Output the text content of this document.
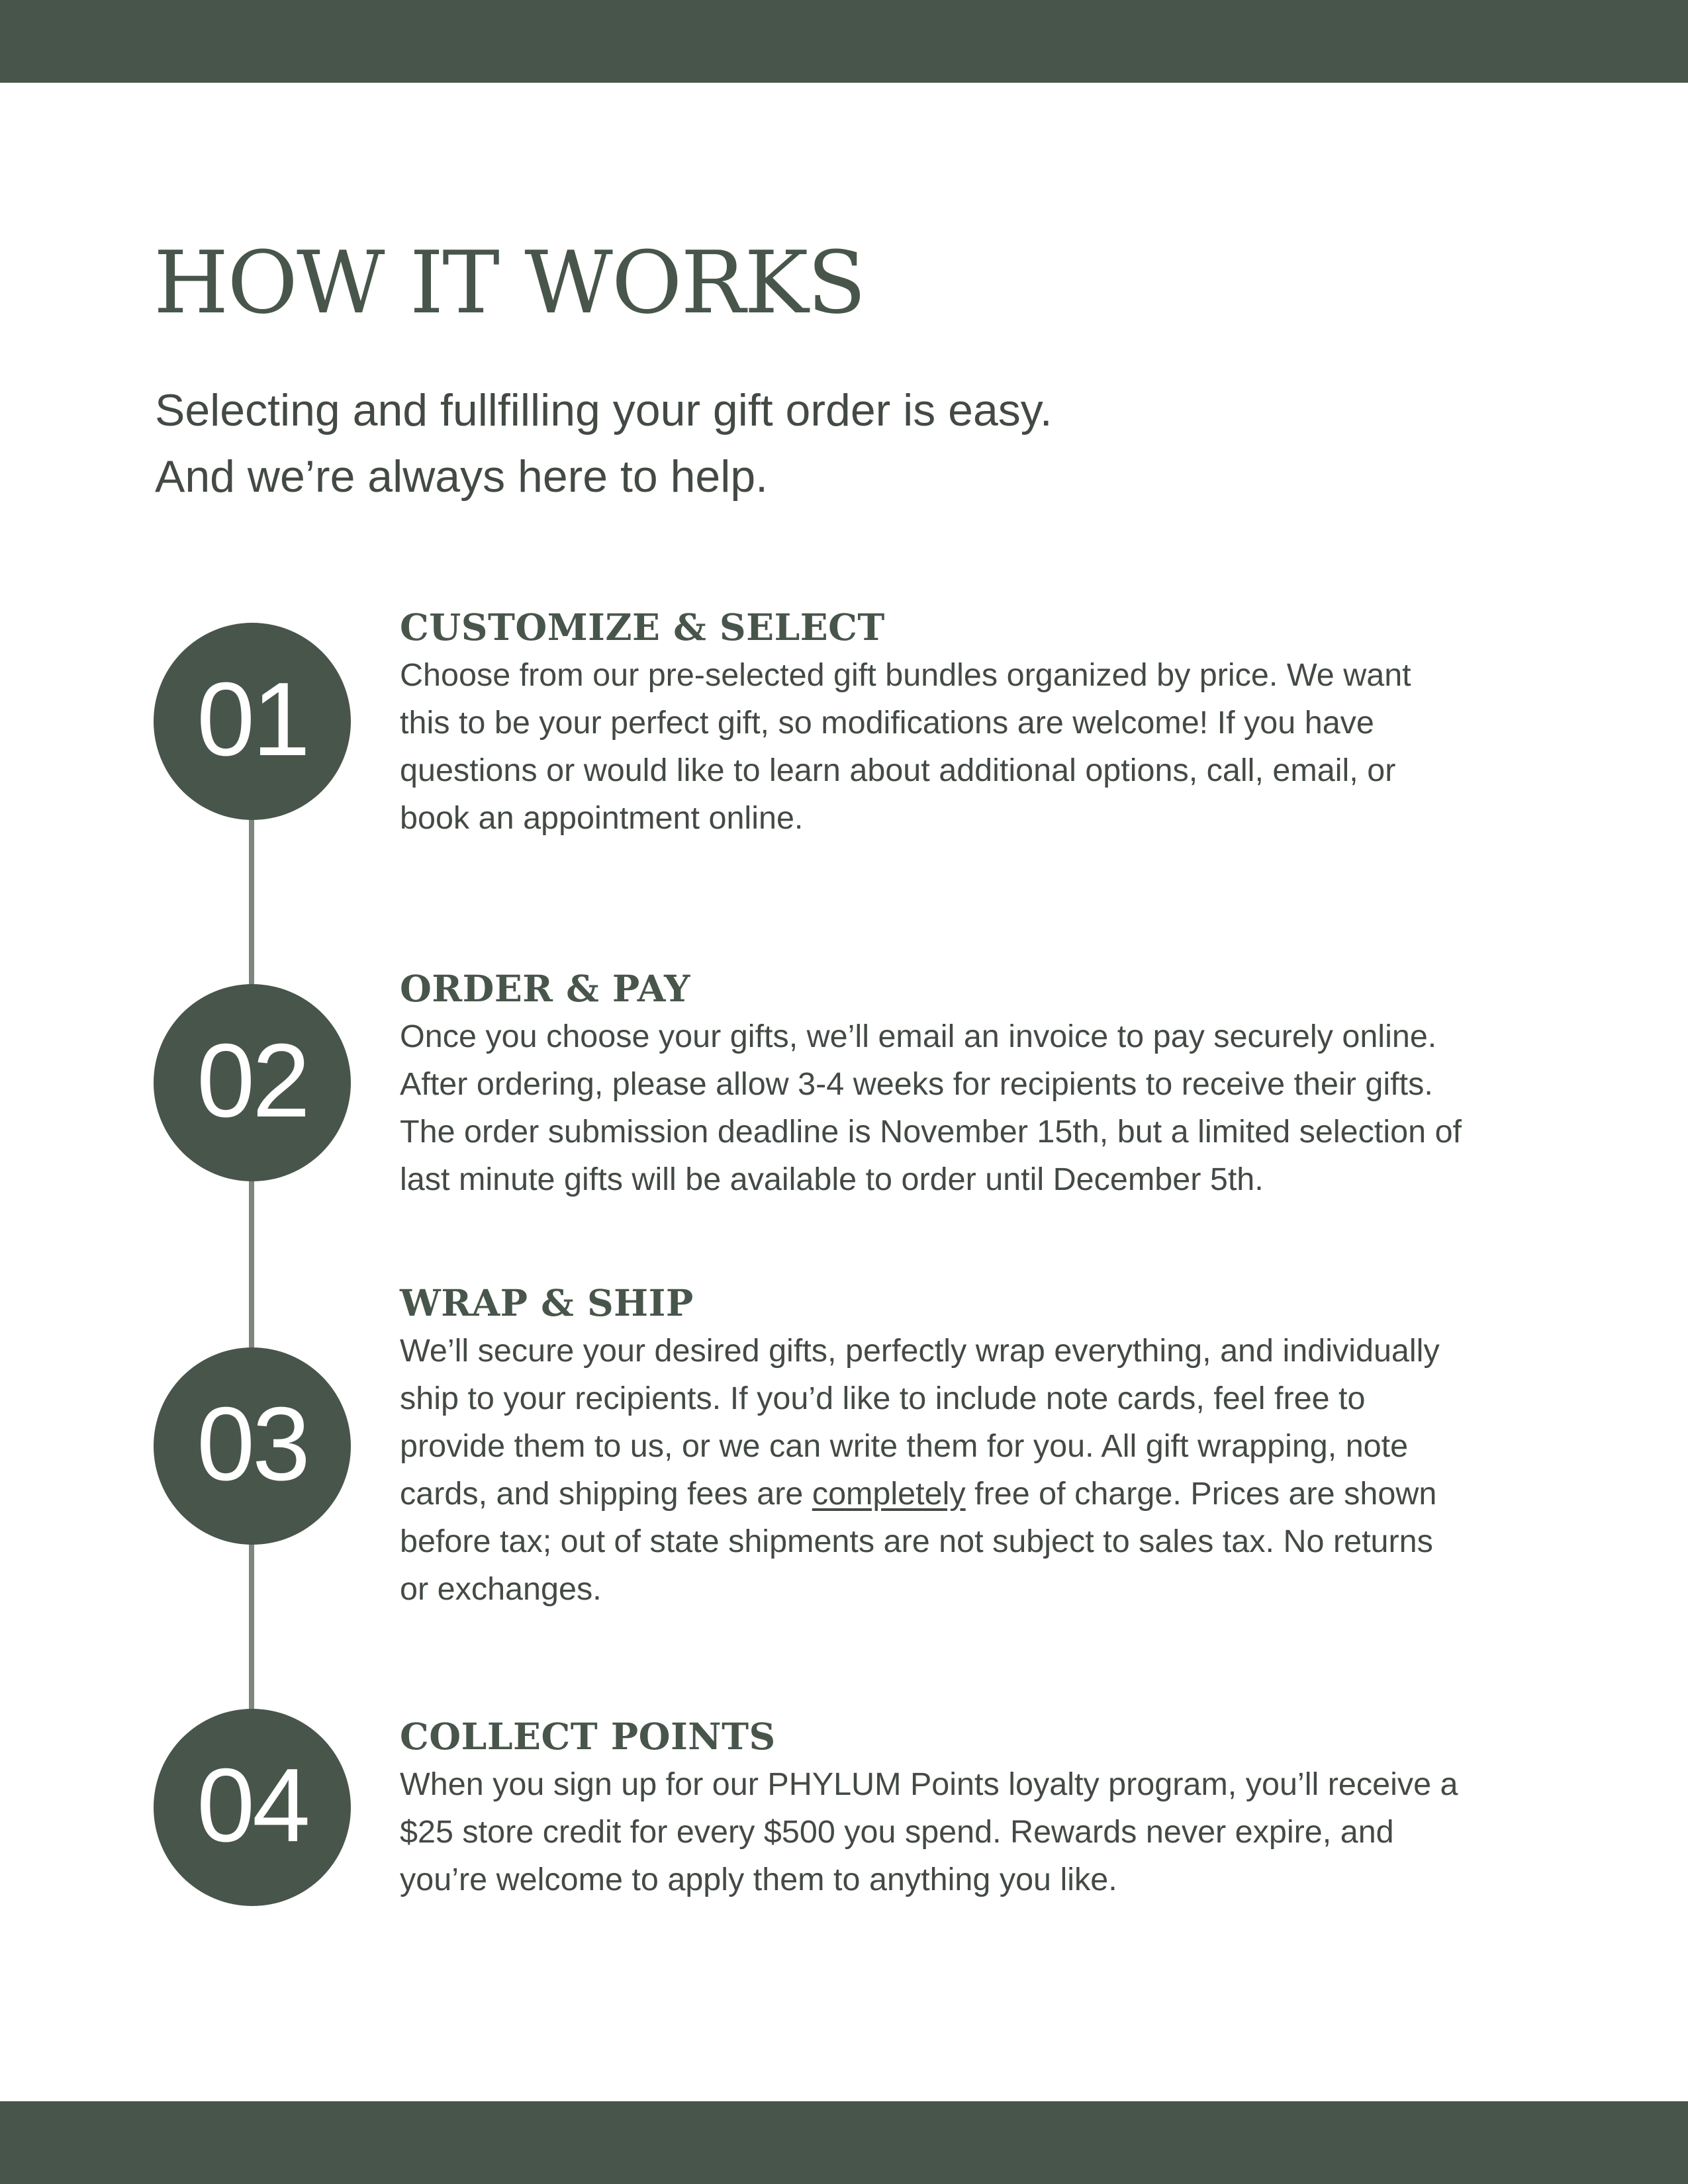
HOW IT WORKS

Selecting and fullfilling your gift order is easy.
And we’re always here to help.

01
CUSTOMIZE & SELECT

Choose from our pre-selected gift bundles organized by price. We want
this to be your perfect gift, so modifications are welcome! If you have
questions or would like to learn about additional options, call, email, or
book an appointment online.

02
ORDER & PAY

Once you choose your gifts, we’ll email an invoice to pay securely online.
After ordering, please allow 3-4 weeks for recipients to receive their gifts.
The order submission deadline is November 15th, but a limited selection of
last minute gifts will be available to order until December 5th.

03
WRAP & SHIP

We’ll secure your desired gifts, perfectly wrap everything, and individually
ship to your recipients. If you’d like to include note cards, feel free to
provide them to us, or we can write them for you. All gift wrapping, note
cards, and shipping fees are completely free of charge. Prices are shown
before tax; out of state shipments are not subject to sales tax. No returns
or exchanges.

04
COLLECT POINTS

When you sign up for our PHYLUM Points loyalty program, you’ll receive a
$25 store credit for every $500 you spend. Rewards never expire, and
you’re welcome to apply them to anything you like.
